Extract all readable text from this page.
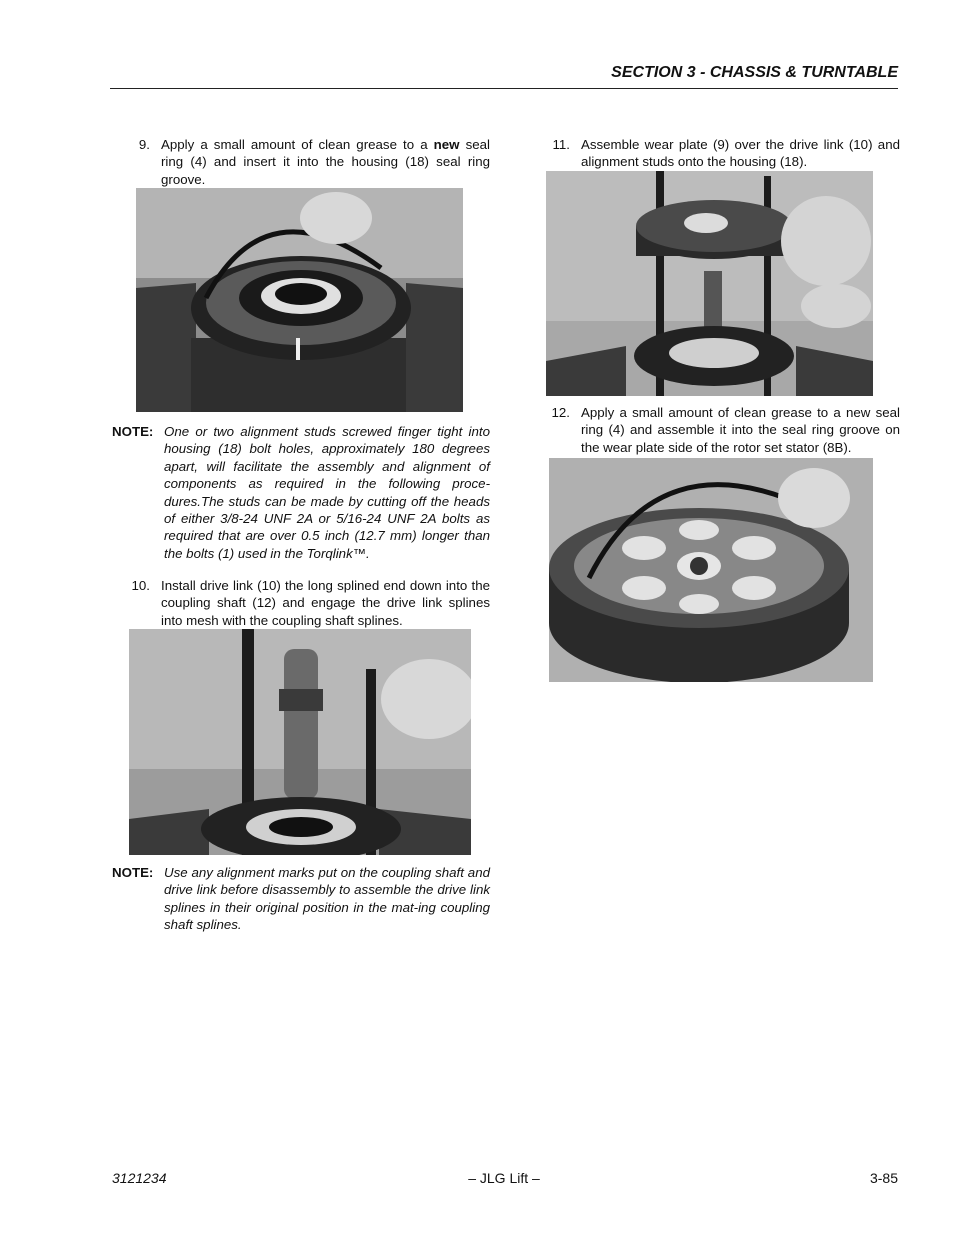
SECTION 3 - CHASSIS & TURNTABLE
9. Apply a small amount of clean grease to a new seal ring (4) and insert it into the housing (18) seal ring groove.
NOTE: One or two alignment studs screwed finger tight into housing (18) bolt holes, approximately 180 degrees apart, will facilitate the assembly and alignment of components as required in the following proce-dures.The studs can be made by cutting off the heads of either 3/8-24 UNF 2A or 5/16-24 UNF 2A bolts as required that are over 0.5 inch (12.7 mm) longer than the bolts (1) used in the Torqlink™.
10. Install drive link (10) the long splined end down into the coupling shaft (12) and engage the drive link splines into mesh with the coupling shaft splines.
NOTE: Use any alignment marks put on the coupling shaft and drive link before disassembly to assemble the drive link splines in their original position in the mat-ing coupling shaft splines.
11. Assemble wear plate (9) over the drive link (10) and alignment studs onto the housing (18).
12. Apply a small amount of clean grease to a new seal ring (4) and assemble it into the seal ring groove on the wear plate side of the rotor set stator (8B).
3121234	– JLG Lift –	3-85
